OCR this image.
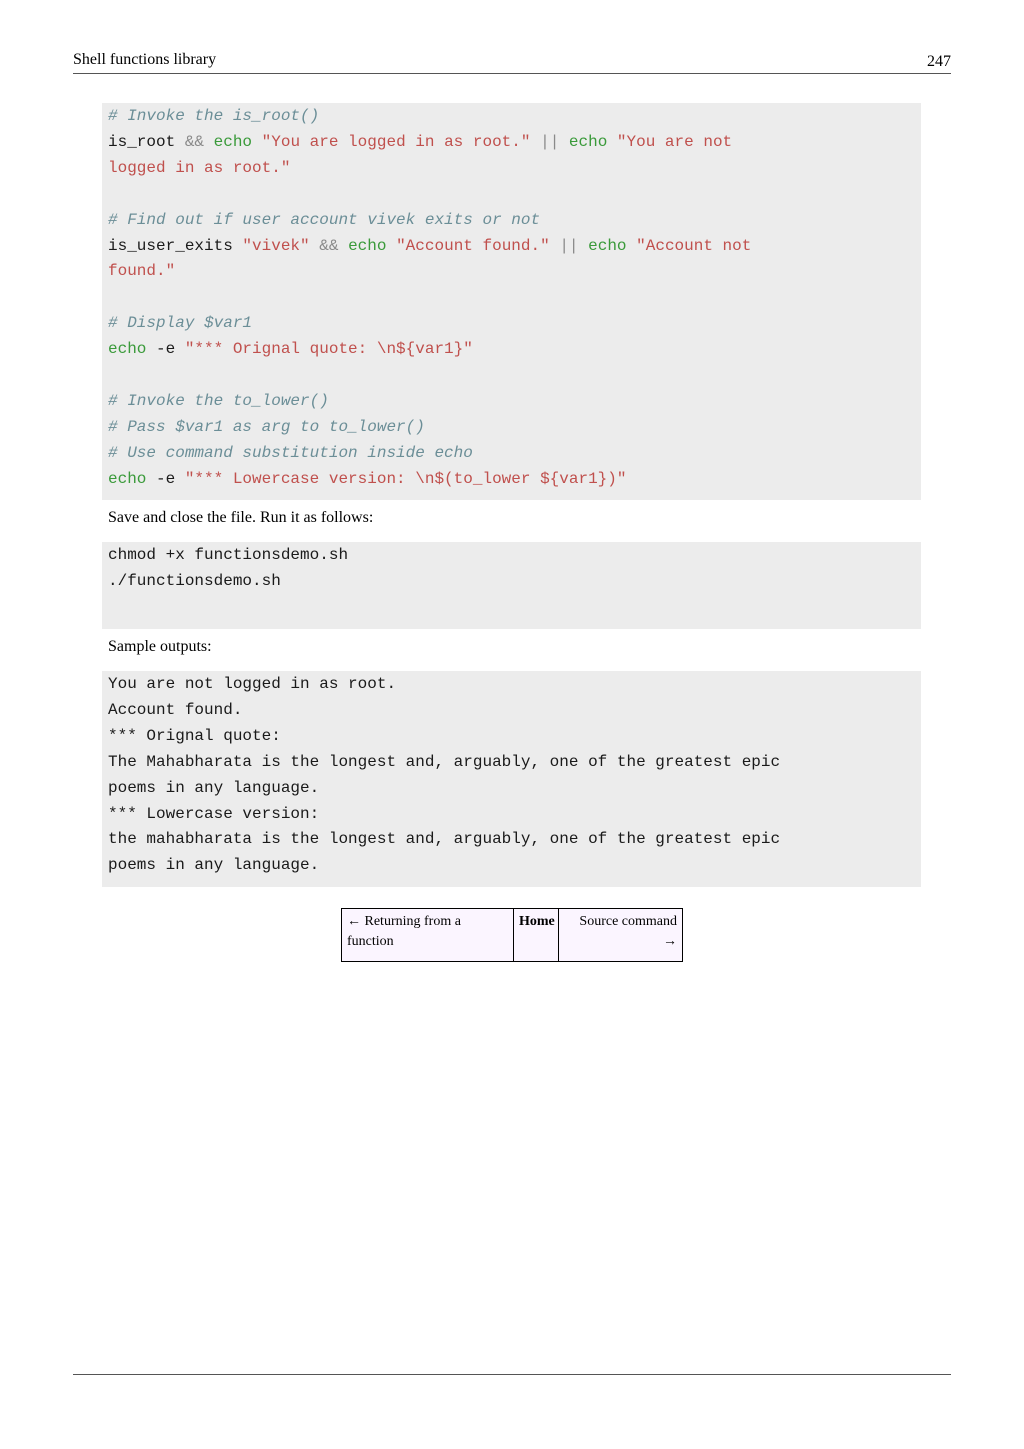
Shell functions library	247
# Invoke the is_root()
is_root && echo "You are logged in as root." || echo "You are not
logged in as root."

# Find out if user account vivek exits or not
is_user_exits "vivek" && echo "Account found." || echo "Account not
found."

# Display $var1
echo -e "*** Orignal quote: \n${var1}"

# Invoke the to_lower()
# Pass $var1 as arg to to_lower()
# Use command substitution inside echo
echo -e "*** Lowercase version: \n$(to_lower ${var1})"
Save and close the file. Run it as follows:
chmod +x functionsdemo.sh
./functionsdemo.sh
Sample outputs:
You are not logged in as root.
Account found.
*** Orignal quote:
The Mahabharata is the longest and, arguably, one of the greatest epic
poems in any language.
*** Lowercase version:
the mahabharata is the longest and, arguably, one of the greatest epic
poems in any language.
← Returning from a
function
Home	Source command
→
